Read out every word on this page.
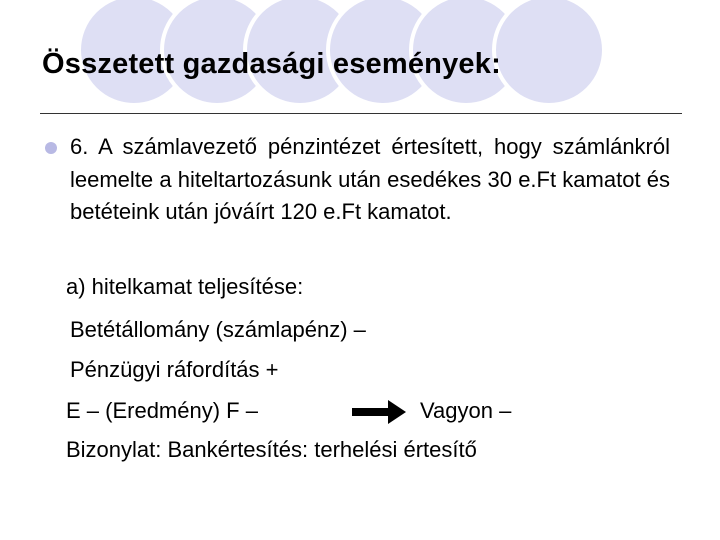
Összetett gazdasági események:
6. A számlavezető pénzintézet értesített, hogy számlánkról leemelte a hiteltartozásunk után esedékes 30 e.Ft kamatot és betéteink után jóváírt 120 e.Ft kamatot.
a) hitelkamat teljesítése:
Betétállomány (számlapénz) –
Pénzügyi ráfordítás +
E – (Eredmény) F –	Vagyon –
Bizonylat: Bankértesítés: terhelési értesítő
